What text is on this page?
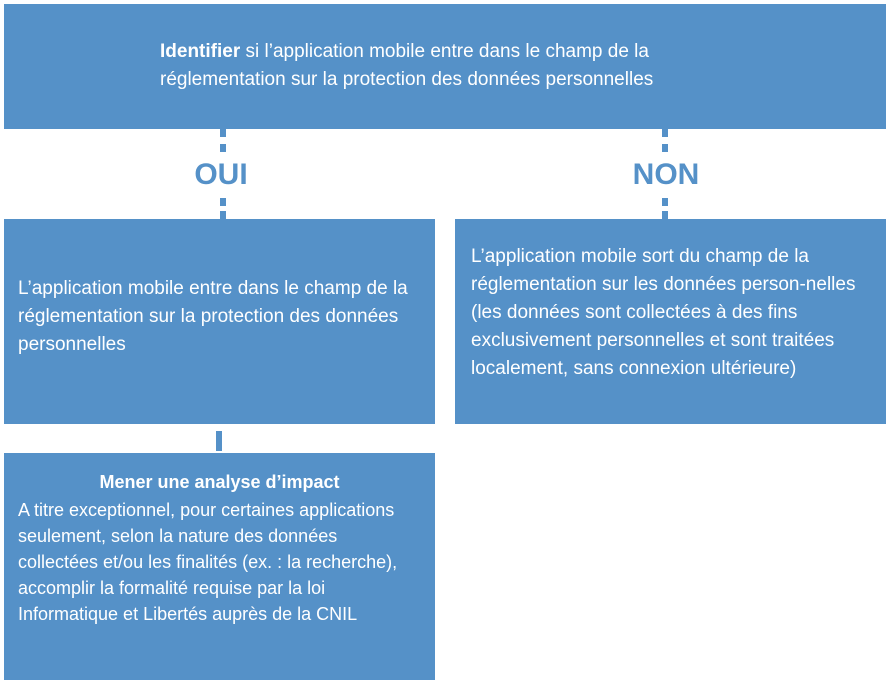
Identifier si l’application mobile entre dans le champ de la
réglementation sur la protection des données personnelles
OUI	NON
L’application mobile entre dans le champ de la réglementation sur la protection des données personnelles
L’application mobile sort du champ de la réglementation sur les données person-nelles (les données sont collectées à des fins exclusivement personnelles et sont traitées localement, sans connexion ultérieure)
Mener une analyse d’impact
A titre exceptionnel, pour certaines applications seulement, selon la nature des données collectées et/ou les finalités (ex. : la recherche), accomplir la formalité requise par la loi Informatique et Libertés auprès de la CNIL
